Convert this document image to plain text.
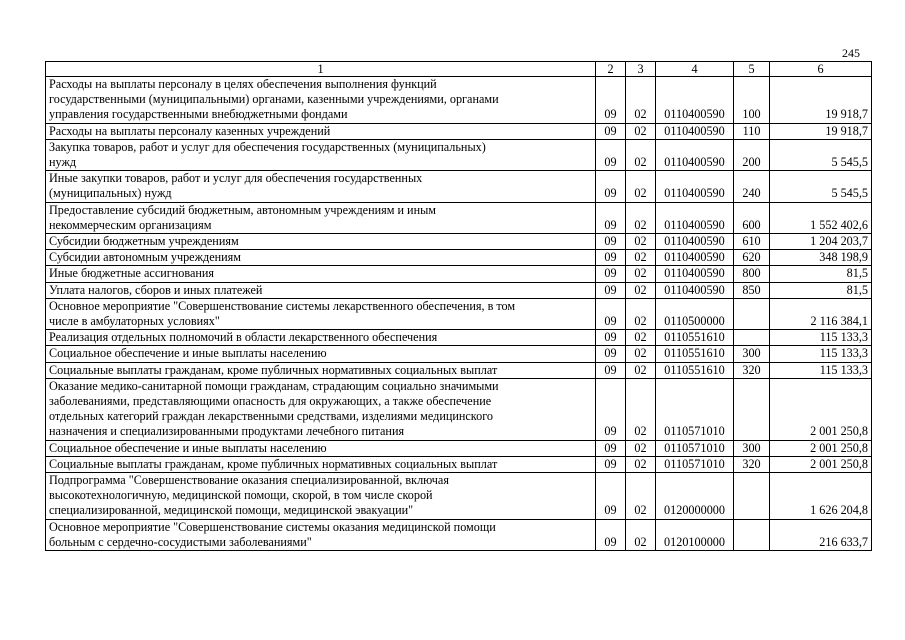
245
1	2	3	4	5	6

Расходы на выплаты персоналу в целях обеспечения выполнения функций
государственными (муниципальными) органами, казенными учреждениями, органами
управления государственными внебюджетными фондами	09	02	0110400590	100	19 918,7

Расходы на выплаты персоналу казенных учреждений	09	02	0110400590	110	19 918,7

Закупка товаров, работ и услуг для обеспечения государственных (муниципальных)
нужд	09	02	0110400590	200	5 545,5

Иные закупки товаров, работ и услуг для обеспечения государственных
(муниципальных) нужд	09	02	0110400590	240	5 545,5

Предоставление субсидий бюджетным, автономным учреждениям и иным
некоммерческим организациям	09	02	0110400590	600	1 552 402,6

Субсидии бюджетным учреждениям	09	02	0110400590	610	1 204 203,7

Субсидии автономным учреждениям	09	02	0110400590	620	348 198,9

Иные бюджетные ассигнования	09	02	0110400590	800	81,5

Уплата налогов, сборов и иных платежей	09	02	0110400590	850	81,5

Основное мероприятие "Совершенствование системы лекарственного обеспечения, в том
числе в амбулаторных условиях"	09	02	0110500000		2 116 384,1

Реализация отдельных полномочий в области лекарственного обеспечения	09	02	0110551610		115 133,3

Социальное обеспечение и иные выплаты населению	09	02	0110551610	300	115 133,3

Социальные выплаты гражданам, кроме публичных нормативных социальных выплат	09	02	0110551610	320	115 133,3

Оказание медико-санитарной помощи гражданам, страдающим социально значимыми
заболеваниями, представляющими опасность для окружающих, а также обеспечение
отдельных категорий граждан лекарственными средствами, изделиями медицинского
назначения и специализированными продуктами лечебного питания	09	02	0110571010		2 001 250,8

Социальное обеспечение и иные выплаты населению	09	02	0110571010	300	2 001 250,8

Социальные выплаты гражданам, кроме публичных нормативных социальных выплат	09	02	0110571010	320	2 001 250,8

Подпрограмма "Совершенствование оказания специализированной, включая
высокотехнологичную, медицинской помощи, скорой, в том числе скорой
специализированной, медицинской помощи, медицинской эвакуации"	09	02	0120000000		1 626 204,8

Основное мероприятие "Совершенствование системы оказания медицинской помощи
больным с сердечно-сосудистыми заболеваниями"	09	02	0120100000		216 633,7
